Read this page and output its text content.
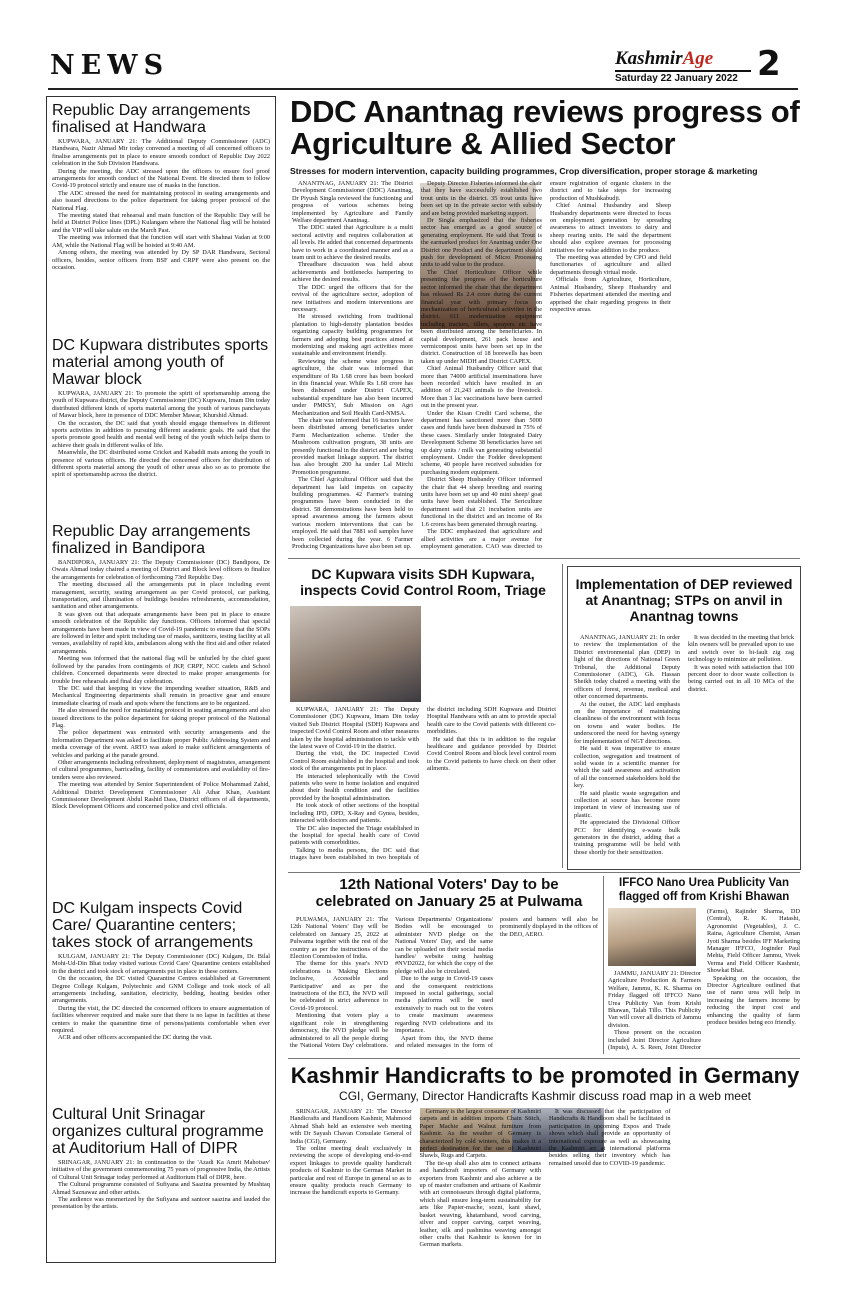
NEWS	KashmirAge
Saturday 22 January 2022 2
Republic Day arrangements finalised at Handwara

KUPWARA, JANUARY 21: The Additional Deputy Commissioner (ADC) Handwara, Nazir Ahmad Mir today convened a meeting of all concerned officers to finalise arrangements put in place to ensure smooth conduct of Republic Day 2022 celebration in the Sub Division Handwara.

During the meeting, the ADC stressed upon the officers to ensure fool proof arrangements for smooth conduct of the National Event. He directed them to follow Covid-19 protocol strictly and ensure use of masks in the function.

The ADC stressed the need for maintaining protocol in seating arrangements and also issued directions to the police department for taking proper protocol of the National Flag.

The meeting stated that rehearsal and main function of the Republic Day will be held at District Police lines (DPL) Kulangam where the National flag will be hoisted and the VIP will take salute on the March Past.

The meeting was informed that the function will start with Shahnai Vadan at 9:00 AM, while the National Flag will be hoisted at 9:40 AM.

Among others, the meeting was attended by Dy SP DAR Handwara, Sectoral officers, besides, senior officers from BSF and CRPF were also present on the occasion.

DC Kupwara distributes sports material among youth of Mawar block

KUPWARA, JANUARY 21: To promote the spirit of sportsmanship among the youth of Kupwara district, the Deputy Commissioner (DC) Kupwara, Imam Din today distributed different kinds of sports material among the youth of various panchayats of Mawar block, here in presence of DDC Member Mawar, Khurshid Ahmad.

On the occasion, the DC said that youth should engage themselves in different sports activities in addition to pursuing different academic goals. He said that the sports promote good health and mental well being of the youth which helps them to achieve their goals in different walks of life.

Meanwhile, the DC distributed some Cricket and Kabaddi mats among the youth in presence of various officers. He directed the concerned officers for distribution of different sports material among the youth of other areas also so as to promote the spirit of sportsmanship across the district.

Republic Day arrangements finalized in Bandipora

BANDIPORA, JANUARY 21: The Deputy Commissioner (DC) Bandipora, Dr Owais Ahmad today chaired a meeting of District and Block level officers to finalize the arrangements for celebration of forthcoming 73rd Republic Day.

The meeting discussed all the arrangements put in place including event management, security, seating arrangement as per Covid protocol, car parking, transportation, and illumination of buildings besides refreshments, accommodation, sanitation and other arrangements.

It was given out that adequate arrangements have been put in place to ensure smooth celebration of the Republic day functions. Officers informed that special arrangements have been made in view of Covid-19 pandemic to ensure that the SOPs are followed in letter and spirit including use of masks, sanitizers, testing facility at all venues, availability of rapid kits, ambulances along with the first aid and other related arrangements.

Meeting was informed that the national flag will be unfurled by the chief guest followed by the parades from contingents of JKP, CRPF, NCC cadets and School children. Concerned departments were directed to make proper arrangements for trouble free rehearsals and final day celebration.

The DC said that keeping in view the impending weather situation, R&B and Mechanical Engineering departments shall remain in proactive gear and ensure immediate clearing of roads and spots where the functions are to be organized.

He also stressed the need for maintaining protocol in seating arrangements and also issued directions to the police department for taking proper protocol of the National Flag.

The police department was entrusted with security arrangements and the Information Department was asked to facilitate proper Public Addressing System and media coverage of the event. ARTO was asked to make sufficient arrangements of vehicles and parking at the parade ground.

Other arrangements including refreshment, deployment of magistrates, arrangement of cultural programmes, barricading, facility of commentators and availability of fire-tenders were also reviewed.

The meeting was attended by Senior Superintendent of Police Mohammad Zahid, Additional District Development Commissioner Ali Athar Khan, Assistant Commissioner Development Abdul Rashid Dass, District officers of all departments, Block Development Officers and concerned police and civil officials.

DC Kulgam inspects Covid Care/ Quarantine centers; takes stock of arrangements

KULGAM, JANUARY 21: The Deputy Commissioner (DC) Kulgam, Dr. Bilal Mohi-Ud-Din Bhat today visited various Covid Care/ Quarantine centers established in the district and took stock of arrangements put in place in these centers.

On the occasion, the DC visited Quarantine Centres established at Government Degree College Kulgam, Polytechnic and GNM College and took stock of all arrangements including, sanitation, electricity, bedding, heating besides other arrangements.

During the visit, the DC directed the concerned officers to ensure augmentation of facilities wherever required and make sure that there is no lapse in facilities at these centers to make the quarantine time of persons/patients comfortable when ever required.

ACR and other officers accompanied the DC during the visit.

Cultural Unit Srinagar organizes cultural programme at Auditorium Hall of DIPR

SRINAGAR, JANUARY 21: In continuation to the 'Azadi Ka Amrit Mahotsav' initiative of the government commemorating 75 years of progressive India, the Artists of Cultural Unit Srinagar today performed at Auditorium Hall of DIPR, here.

The Cultural programme consisted of Sufiyana and Saazina presented by Mushtaq Ahmad Saznawaz and other artists.

The audience was mesmerized by the Sufiyana and santoor saazina and lauded the presentation by the artists.

DDC Anantnag reviews progress of Agriculture & Allied Sector
Stresses for modern intervention, capacity building programmes, Crop diversification, proper storage & marketing

ANANTNAG, JANUARY 21: The District Development Commissioner (DDC) Anantnag, Dr Piyush Singla reviewed the functioning and progress of various schemes being implemented by Agriculture and Family Welfare department Anantnag.

The DDC stated that Agriculture is a multi sectoral activity and requires collaboration at all levels. He added that concerned departments have to work in a coordinated manner and as a team unit to achieve the desired results.

Threadbare discussion was held about achievements and bottlenecks hampering to achieve the desired results.

The DDC urged the officers that for the revival of the agriculture sector, adoption of new initiatives and modern interventions are necessary.

He stressed switching from traditional plantation to high-density plantation besides organizing capacity building programmes for farmers and adopting best practices aimed at modernizing and making agri activities more sustainable and environment friendly.

Reviewing the scheme wise progress in agriculture, the chair was informed that expenditure of Rs 1.68 crore has been booked in this financial year. While Rs 1.68 crore has been disbursed under District CAPEX, substantial expenditure has also been incurred under PMKSY, Sub Mission on Agri Mechanization and Soil Health Card-NMSA.

The chair was informed that 16 tractors have been distributed among beneficiaries under Farm Mechanization scheme. Under the Mushroom cultivation program, 38 units are presently functional in the district and are being provided market linkage support. The district has also brought 200 ha under Lal Mirchi Promotion programme.

The Chief Agricultural Officer said that the department has laid impetus on capacity building programmes. 42 Farmer's training programmes have been conducted in the district. 58 demonstrations have been held to spread awareness among the farmers about various modern interventions that can be employed. He said that 7881 soil samples have been collected during the year. 6 Farmer Producing Organizations have also been set up.

Deputy Director Fisheries informed the chair that they have successfully established two trout units in the district. 35 trout units have been set up in the private sector with subsidy and are being provided marketing support.

Dr Singla emphasized that the fisheries sector has emerged as a good source of generating employment. He said that Trout is the earmarked product for Anantnag under One District one Product and the department should push for development of Micro Processing units to add value to the produce.

The Chief Horticulture Officer while presenting the progress of the horticulture sector informed the chair that the department has released Rs 2.4 crore during the current financial year with primary focus on mechanization of horticultural activities in the district. 611 modernization equipment including tractors, tillers, sprayers etc have been distributed among the beneficiaries. In capital development, 261 pack house and vermicompost units have been set up in the district. Construction of 18 borewells has been taken up under MIDH and District CAPEX.

Chief Animal Husbandry Officer said that more than 74000 artificial inseminations have been recorded which have resulted in an addition of 21,243 animals to the livestock. More than 3 lac vaccinations have been carried out in the present year.

Under the Kisan Credit Card scheme, the department has sanctioned more than 5000 cases and funds have been disbursed in 75% of these cases. Similarly under Integrated Dairy Development Scheme 38 beneficiaries have set up dairy units / milk van generating substantial employment. Under the Fodder development scheme, 40 people have received subsidies for purchasing modern equipment.

District Sheep Husbandry Officer informed the chair that 44 sheep breeding and rearing units have been set up and 40 mini sheep/ goat units have been established. The Sericulture department said that 21 incubation units are functional in the district and an income of Rs 1.6 crores has been generated through rearing.

The DDC emphasized that agriculture and allied activities are a major avenue for employment generation. CAO was directed to ensure registration of organic clusters in the district and to take steps for increasing production of Mushkabudji.

Chief Animal Husbandry and Sheep Husbandry departments were directed to focus on employment generation by spreading awareness to attract investors to dairy and sheep rearing units. He said the department should also explore avenues for processing initiatives for value addition to the produce.

The meeting was attended by CPO and field functionaries of agriculture and allied departments through virtual mode.

Officials from Agriculture, Horticulture, Animal Husbandry, Sheep Husbandry and Fisheries department attended the meeting and apprised the chair regarding progress in their respective areas.

DC Kupwara visits SDH Kupwara, inspects Covid Control Room, Triage

KUPWARA, JANUARY 21: The Deputy Commissioner (DC) Kupwara, Imam Din today visited Sub District Hospital (SDH) Kupwara and inspected Covid Control Room and other measures taken by the hospital administration to tackle with the latest wave of Covid-19 in the district.

During the visit, the DC inspected Covid Control Room established in the hospital and took stock of the arrangements put in place.

He interacted telephonically with the Covid patients who were in home isolation and enquired about their health condition and the facilities provided by the hospital administration.

He took stock of other sections of the hospital including IPD, OPD, X-Ray and Gynea, besides, interacted with doctors and patients.

The DC also inspected the Triage established in the hospital for special health care of Covid patients with comorbidities.

Talking to media persons, the DC said that triages have been established in two hospitals of the district including SDH Kupwara and District Hospital Handwara with an aim to provide special health care to the Covid patients with different co-morbidities.

He said that this is in addition to the regular healthcare and guidance provided by District Covid Control Room and block level control room to the Covid patients to have check on their other ailments.

Implementation of DEP reviewed at Anantnag; STPs on anvil in Anantnag towns

ANANTNAG, JANUARY 21: In order to review the implementation of the District environmental plan (DEP) in light of the directions of National Green Tribunal, the Additional Deputy Commissioner (ADC), Gh. Hassan Sheikh today chaired a meeting with the officers of forest, revenue, medical and other concerned departments.

At the outset, the ADC laid emphasis on the importance of maintaining cleanliness of the environment with focus on towns and water bodies. He underscored the need for having synergy for implementation of NGT directions.

He said it was imperative to ensure collection, segregation and treatment of solid waste in a scientific manner for which the said awareness and activation of all the concerned stakeholders hold the key.

He said plastic waste segregation and collection at source has become more important in view of increasing use of plastic.

He appreciated the Divisional Officer PCC for identifying e-waste bulk generators in the district, adding that a training programme will be held with those shortly for their sensitization.

It was decided in the meeting that brick kiln owners will be prevailed upon to use and switch over to bi-fault zig zag technology to minimize air pollution.

It was noted with satisfaction that 100 percent door to door waste collection is being carried out in all 10 MCs of the district.

12th National Voters' Day to be celebrated on January 25 at Pulwama

PULWAMA, JANUARY 21: The 12th National Voters' Day will be celebrated on January 25, 2022 at Pulwama together with the rest of the country as per the instructions of the Election Commission of India.

The theme for this year's NVD celebrations is 'Making Elections Inclusive, Accessible and Participative' and as per the instructions of the ECI, the NVD will be celebrated in strict adherence to Covid-19 protocol.

Mentioning that voters play a significant role in strengthening democracy, the NVD pledge will be administered to all the people during the 'National Voters Day' celebrations. Various Departments/ Organizations/ Bodies will be encouraged to administer NVD pledge on the National Voters' Day, and the same can be uploaded on their social media handles/ website using hashtag #NVD2022, for which the copy of the pledge will also be circulated.

Due to the surge in Covid-19 cases and the consequent restrictions imposed in social gatherings, social media platforms will be used extensively to reach out to the voters to create maximum awareness regarding NVD celebrations and its importance.

Apart from this, the NVD theme and related messages in the form of posters and banners will also be prominently displayed in the offices of the DEO, AERO.

IFFCO Nano Urea Publicity Van flagged off from Krishi Bhawan

JAMMU, JANUARY 21: Director Agriculture Production & Farmers Welfare, Jammu, K. K. Sharma on Friday flagged off IFFCO Nano Urea Publicity Van from Krishi Bhawan, Talab Tillo. This Publicity Van will cover all districts of Jammu division.

Those present on the occasion included Joint Director Agriculture (Inputs), A. S. Reen, Joint Director (Farms), Rajinder Sharma, DD (Central), R. K. Hatashi, Agronomist (Vegetables), J. C. Raina, Agriculture Chemist, Aman Jyoti Sharma besides IFF Marketing Manager IFFCO, Joginder Paul Mehta, Field Officer Jammu, Vivek Verma and Field Officer Kashmir, Showkat Bhat.

Speaking on the occasion, the Director Agriculture outlined that use of nano urea will help in increasing the farmers income by reducing the input cost and enhancing the quality of farm produce besides being eco friendly.

Kashmir Handicrafts to be promoted in Germany
CGI, Germany, Director Handicrafts Kashmir discuss road map in a web meet

SRINAGAR, JANUARY 21: The Director Handicrafts and Handloom Kashmir, Mahmood Ahmad Shah held an extensive web meeting with Dr Sayash Chavan Consulate General of India (CGI), Germany.

The online meeting dealt exclusively in reviewing the scope of developing end-to-end export linkages to provide quality handicraft products of Kashmir to the German Market in particular and rest of Europe in general so as to ensure quality products reach Germany to increase the handicraft exports to Germany.

Germany is the largest consumer of Kashmiri carpets and in addition imports Chain Stitch, Paper Machie and Walnut furniture from Kashmir. As the weather of Germany is characterized by cold winters, this makes it a perfect destination for the use of Kashmiri Shawls, Rugs and Carpets.

The tie-up shall also aim to connect artisans and handicraft importers of Germany with exporters from Kashmir and also achieve a tie up of master craftsmen and artisans of Kashmir with art connoisseurs through digital platforms, which shall ensure long-term sustainability for arts like Papier-mache, sozni, kani shawl, basket weaving, khatamband, wood carving, silver and copper carving, carpet weaving, leather, silk and pashmina weaving amongst other crafts that Kashmir is known for in German markets.

It was discussed that the participation of Handicrafts & Handloom shall be facilitated in participation in upcoming Expos and Trade shows which shall provide an opportunity of international exposure as well as showcasing the Kashmiri art at international platforms besides selling their inventory which has remained unsold due to COVID-19 pandemic.
